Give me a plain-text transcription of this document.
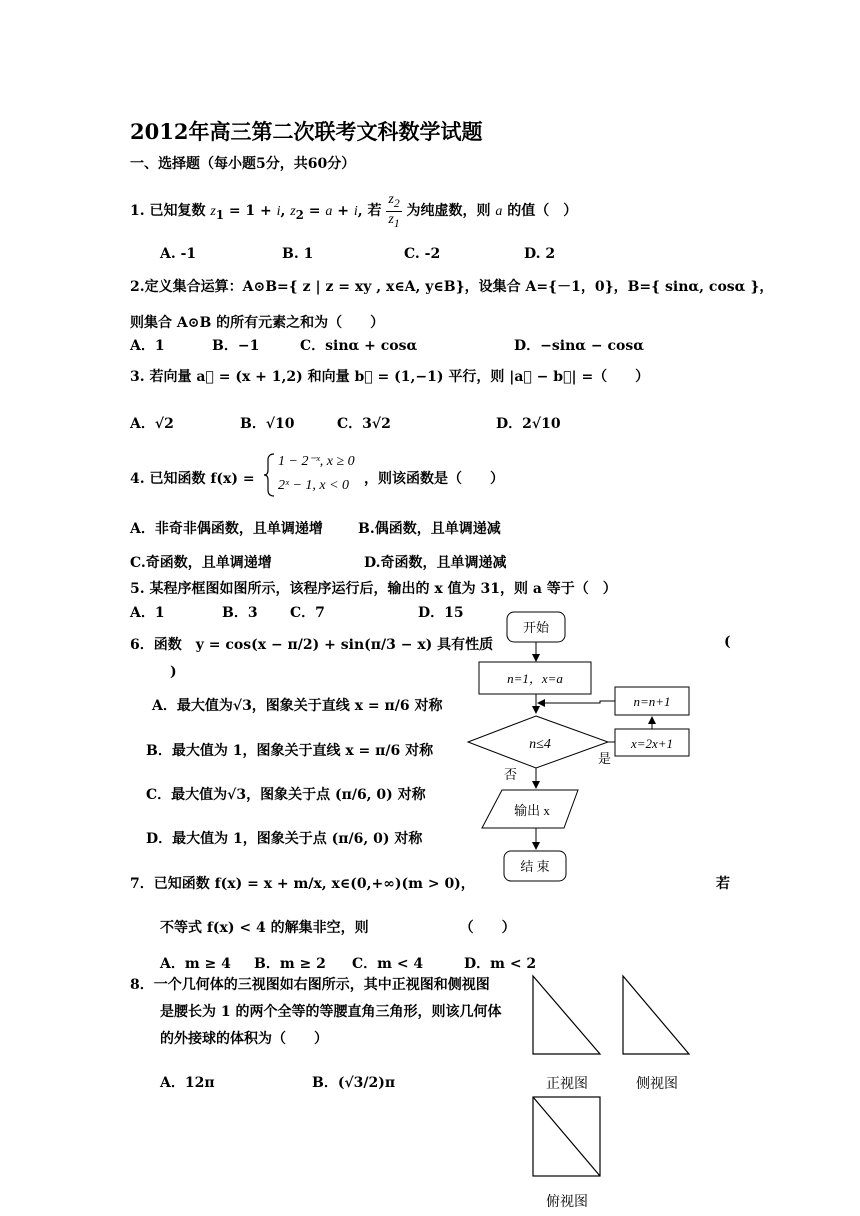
2012年高三第二次联考文科数学试题
一、选择题（每小题5分，共60分）
1. 已知复数 $z_1 = 1 + i$, $z_2 = a + i$, 若 $\frac{z_2}{z_1}$ 为纯虚数，则 a 的值（　）
A. -1	B. 1	C. -2	D. 2
2.定义集合运算：A⊙B={ z | z = xy , x∈A, y∈B}，设集合 A={－1，0}，B={ sinα, cosα }，
则集合 A⊙B 的所有元素之和为（　　）
A．1	B．−1	C．sinα + cosα	D．−sinα − cosα
3. 若向量 a⃗ = (x + 1,2) 和向量 b⃗ = (1,−1) 平行，则 |a⃗ − b⃗| =（　　）
A．√2	B．√10	C．3√2	D．2√10
4. 已知函数 f(x) =
1 − 2⁻ˣ, x ≥ 0
2ˣ − 1, x < 0 ，则该函数是（　　）
A．非奇非偶函数，且单调递增	B.偶函数，且单调递减
C.奇函数，且单调递增	D.奇函数，且单调递减
5. 某程序框图如图所示，该程序运行后，输出的 x 值为 31，则 a 等于（　）
A．1	B．3 C．7	D．15
6．函数　y = cos(x − π/2) + sin(π/3 − x) 具有性质	(
)
A．最大值为√3，图象关于直线 x = π/6 对称
B．最大值为 1，图象关于直线 x = π/6 对称
C．最大值为√3，图象关于点 (π/6, 0) 对称
D．最大值为 1，图象关于点 (π/6, 0) 对称
7．已知函数 f(x) = x + m/x, x∈(0,+∞)(m > 0)，	若
不等式 f(x) < 4 的解集非空，则　　　　　　　（　　）
A．m ≥ 4 B．m ≥ 2 C．m < 4	D．m < 2
8．一个几何体的三视图如右图所示，其中正视图和侧视图
是腰长为 1 的两个全等的等腰直角三角形，则该几何体
的外接球的体积为（　　）
A．12π	B．(√3/2)π
开始
n=1，x=a
n≤4
是
x=2x+1
n=n+1
否
输出 x
结 束
正视图	侧视图
俯视图
